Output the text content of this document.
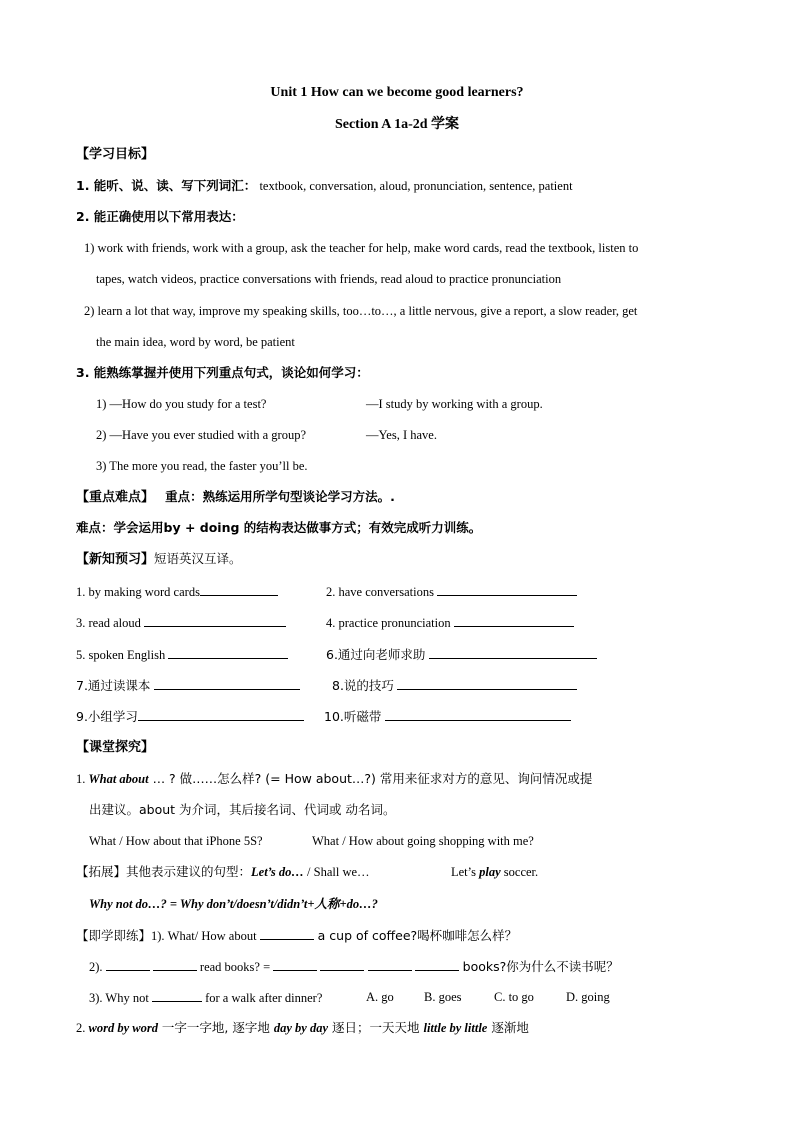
Unit 1 How can we become good learners?
Section A 1a-2d 学案
【学习目标】
1. 能听、说、读、写下列词汇： textbook, conversation, aloud, pronunciation, sentence, patient
2. 能正确使用以下常用表达：
1) work with friends, work with a group, ask the teacher for help, make word cards, read the textbook, listen to
tapes, watch videos, practice conversations with friends, read aloud to practice pronunciation
2) learn a lot that way, improve my speaking skills, too…to…, a little nervous, give a report, a slow reader, get
the main idea, word by word, be patient
3. 能熟练掌握并使用下列重点句式，谈论如何学习：
1) —How do you study for a test?	—I study by working with a group.
2) —Have you ever studied with a group?	—Yes, I have.
3) The more you read, the faster you’ll be.
【重点难点】 重点：熟练运用所学句型谈论学习方法。.
难点：学会运用by + doing 的结构表达做事方式；有效完成听力训练。
【新知预习】短语英汉互译。
1. by making word cards	2. have conversations
3. read aloud	4. practice pronunciation
5. spoken English	6.通过向老师求助
7.通过读课本	8.说的技巧
9.小组学习	10.听磁带
【课堂探究】
1. What about … ? 做……怎么样? (= How about…?) 常用来征求对方的意见、询问情况或提
出建议。about 为介词，其后接名词、代词或 动名词。
What / How about that iPhone 5S?	What / How about going shopping with me?
【拓展】其他表示建议的句型：Let’s do… / Shall we…	Let’s play soccer.
Why not do…? = Why don’t/doesn’t/didn’t+人称+do…?
【即学即练】1). What/ How about	a cup of coffee?喝杯咖啡怎么样？
2).	read books? =	books?你为什么不读书呢？
3). Why not	for a walk after dinner?	A. go B. goes	C. to go	D. going
2. word by word 一字一字地, 逐字地 day by day 逐日；一天天地 little by little 逐渐地
